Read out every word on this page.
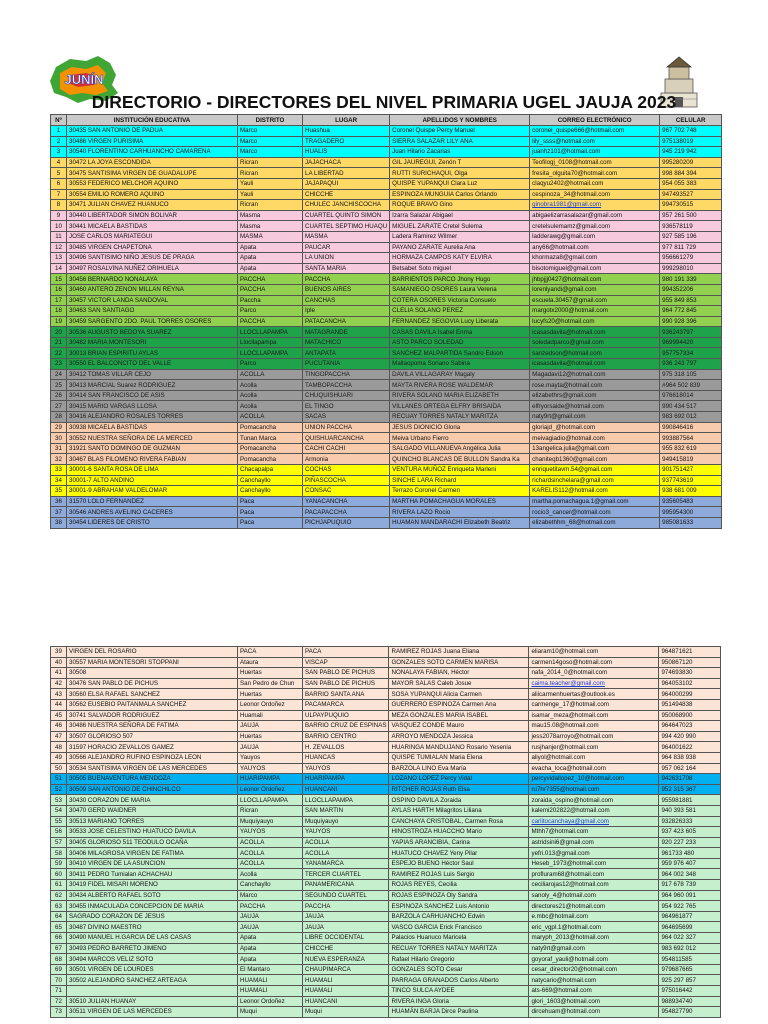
JUNÍN
DIRECTORIO - DIRECTORES DEL NIVEL PRIMARIA UGEL JAUJA 2023
Nº	INSTITUCIÓN EDUCATIVA	DISTRITO	LUGAR	APELLIDOS Y NOMBRES	CORREO ELECTRÓNICO	CELULAR
1	30435 SAN ANTONIO DE PADUA	Marco	Huashua	Coronel Quispe Percy Manuel	coronel_quispe666@hotmail.com	967 702 748
2	30486 VIRGEN PURISIMA	Marco	TRAGADERO	SIERRA SALAZAR LILY ANA	lily_ssss@hotmail.com	975138019
3	30540 FLORENTINO CARHUANCHO CAMARENA	Marco	HUALIS	Juan Hilario Zacarias	juanhz101@hotmail.com	945 219 942
4	30472 LA JOYA ESCONDIDA	Ricran	JAJACHACA	GIL JAUREGUI, Zenón T	Teofilogj_0108@hotmail.com	995280209
5	30475 SANTISIMA VIRGEN DE GUADALUPE	Ricran	LA LIBERTAD	RUTTI SURICHAQUI, Olga	fresita_olguita70@hotmail.com	998 884 394
6	30553 FEDERICO MELCHOR AQUINO	Yauli	JAJAPAQUI	QUISPE YUPANQUI Clara Luz	claqyu2402@hotmail.com	954 055 383
7	30554 EMILIO ROMERO AQUINO	Yauli	CHICCHE	ESPINOZA MUNGUIA Carlos Orlando	cespinoza_34@hotmail.com	947493527
8	30471 JULIAN CHAVEZ HUANUCO	Ricran	CHULEC JANCHISCOCHA	ROQUE BRAVO Gino	ginobra1981@gmail.com	994730515
9	30440 LIBERTADOR SIMON BOLIVAR	Masma	CUARTEL QUINTO SIMON	Izarra Salazar Abigael	abigaelizarrasalazar@gmail.com	957 261 500
10	30441 MICAELA BASTIDAS	Masma	CUARTEL SEPTIMO HUAQU	MIGUEL ZARATE Cretel Sulema	cretelsulemamz@gmail.com	936578119
11	JOSE CARLOS MARIATEGUI	MASMA	MASMA	Ladera Ramirez Wilmer	ladderawg@gmail.com	927 585 196
12	30485 VIRGEN CHAPETONA	Apata	PAUCAR	PAYANO ZARATE Aurelia Ana	any66@hotmail.com	977 811 729
13	30496 SANTISIMO NIÑO JESUS DE PRAGA	Apata	LA UNION	HORMAZA CAMPOS KATY ELVIRA	khormaza8@gmail.com	956661279
14	30497 ROSALVINA NUÑEZ ORIHUELA	Apata	SANTA MARIA	Betsabet Soto miguel	bisotomiguel@gmail.com	999298010
15	30456 BERNARDO NONALAYA	PACCHA	PACCHA	BARRIENTOS PARCO Jhony Hugo	jhbpjjj0427@hotmail.com	980 191 339
16	30460 ANTERO ZENON MILLAN REYNA	PACCHA	BUENOS AIRES	SAMANIEGO OSORES Laura Verena	lorenlyandi@gmail.com	994352206
17	30457 VICTOR LANDA SANDOVAL	Paccha	CANCHAS	COTERA OSORES Victoria Consuelo	escuela.30457@gmail.com	955 849 853
18	30463 SAN SANTIAGO	Parco	Iple	CLELIA SOLANO PEREZ	margotx2000@hotmail.com	964 772 845
19	30459 SARGENTO 2DO. PAUL TORRES OSORES	PACCHA	PATACANCHA	FERNANDEZ SEGOVIA Lucy Liberata	lucyfs20@hotmail.com	990 928 396
20	30536 AUGUSTO BEDOYA SUAREZ	LLOCLLAPAMPA	MATAGRANDE	CASAS DAVILA Isabel Enma	icasasdavila@hotmail.com	936243797
21	30482 MARIA MONTESORI	Llocllapampa	MATACHICO	ASTO PARCO SOLEDAD	soledadparco@gmail.com	969994420
22	30013 BRIAN ESPIRITU AYLAS	LLOCLLAPAMPA	ANTAPATA	SANCHEZ MALPARTIDA Sandro Edson	sanzedson@hotmail.com	957757334
23	30550 EL BALCONCITO DEL VALLE	Parco	PUCUTANIA	Mallaopoma Soriano Sabina	icasasdavila@hotmail.com	936 243 797
24	30412 TOMAS VILLAR CEJO	ACOLLA	TINGOPACCHA	DAVILA VILLAGARAY Magaly	Magadavi12@hotmail.com	975 318 105
25	30413 MARCIAL Suarez RODRIGUEZ	Acolla	TAMBOPACCHA	MAYTA RIVERA ROSE WALDEMAR	rose.mayta@hotmail.com	#964 502 839
26	30414 SAN FRANCISCO DE ASIS	Acolla	CHUQUISHUARI	RIVERA SOLANO MARIA ELIZABETH	elizabethrs@gmail.com	976618014
27	30415 MARIO VARGAS LLOSA	Acolla	EL TINGO	VILLANES ORTEGA ELFRY BRISAIDA	elfryorsaide@hotmail.com	990 434 517
28	30416 ALEJANDRO ROSALES TORRES	ACOLLA	SACAS	RECUAY TORRES NATALY MARITZA	naty9rt@gmail.com	983 692 012
29	30938 MICAELA BASTIDAS	Pomacancha	UNION PACCHA	JESUS DIONICIO Gloria	gloriajd_@hotmail.com	990846416
30	30552 NUESTRA SEÑORA DE LA MERCED	Tunan Marca	QUISHUARCANCHA	Meiva Urbano Fierro	meivagiadio@hotmail.com	993887564
31	31921 SANTO DOMINGO DE GUZMAN	Pomacancha	CACHI CACHI	SALGADO VILLANUEVA Angélica Julia	13angelica.julia@gmail.com	955 832 619
32	30467 BLAS FILOMENO RIVERA FABIAN	Pomacancha	Armonia	QUINCHO BLANCAS DE BULLON Sandra Ka	chaniteqb1360@gmail.com	949415819
33	30001-6 SANTA ROSA DE LIMA	Chacapalpa	COCHAS	VENTURA MUÑOZ Enriqueta Marleni	enriquetitavm.54@gmail.com	901751427
34	30001-7 ALTO ANDINO	Canchayllo	PIÑASCOCHA	SINCHE LARA Richard	richardsinchelara@gmail.com	937743619
35	30001-9 ABRAHAM VALDELOMAR	Canchayllo	CONSAC	Terrazo Coronel Carmen	KARELIS112@hotmail.com	938 681 009
36	31570 LOLO FERNANDEZ	Paca	YANACANCHA	MARTHA POMACHAGUA MORALES	martha.pomachagua.1@gmail.com	935605483
37	30546 ANDRES AVELINO CACERES	Paca	PACAPACCHA	RIVERA LAZO Rocio	rocio3_cancer@hotmail.com	995954300
38	30454 LIDERES DE CRISTO	Paca	PICHJAPUQUIO	HUAMAN MANDARACHI Elizabeth Beatriz	elizabethhm_68@hotmail.com	985081633
39	VIRGEN DEL ROSARIO	PACA	PACA	RAMIREZ ROJAS Juana Eliana	eliaram10@hotmail.com	964871621
40	30557 MARIA MONTESORI STOPPANI	Ataura	VISCAP	GONZALES SOTO CARMEN MARISA	carmen14goso@hotmail.com	950867120
41	30508	Huertas	SAN PABLO DE PICHUS	NONALAYA FABIAN, Héctor	nafa_2014_0@hotmail.com	974693830
42	30476 SAN PABLO DE PICHUS	San Pedro de Chun	SAN PABLO DE PICHUS	MAYOR SALAS Caleb Josue	caima.teacher@gmail.com	964053102
43	30560 ELSA RAFAEL SANCHEZ	Huertas	BARRIO SANTA ANA	SOSA YUPANQUI Alicia Carmen	aliicarmenhuertas@outlook.es	964000299
44	30562 EUSEBIO PAITANMALA SANCHEZ	Leonor Ordoñez	PACAMARCA	GUERRERO ESPINOZA Carmen Ana	carmenge_17@hotmail.com	951494838
45	30741 SALVADOR RODRIGUEZ	Huamali	ULPAYPUQUIO	MEZA GONZALES MARIA ISABEL	isamar_meza@hotmail.com	950068900
46	30486 NUESTRA SEÑORA DE FATIMA	JAUJA	BARRIO CRUZ DE ESPINAS	VASQUEZ CONDE Mauro	mau15.08@hotmail.com	964647023
47	30507 GLORIOSO 507	Huertas	BARRIO CENTRO	ARROYO MENDOZA Jessica	jess2078arroyo@hotmail.com	994 420 990
48	31597 HORACIO ZEVALLOS GAMEZ	JAUJA	H. ZEVALLOS	HUARINGA MANDUJANO Rosario Yesenia	rusjhanjer@hotmail.com	964001622
49	30566 ALEJANDRO RUFINO ESPINOZA LEON	Yauyos	HUANCAS	QUISPE TUMIALAN Maria Elena	aliyol@hotmail.com	964 838 938
50	30534 SANTISIMA VIRGEN DE LAS MERCEDES	YAUYOS	YAUYOS	BARZOLA LINO Eva María	evacha_loca@hotmail.com	957 062 164
51	30505 BUENAVENTURA MENDOZA	HUARIPAMPA	HUARIPAMPA	LOZANO LOPEZ Percy Vidal	percyvidallopez_10@hotmail.com	942631708
52	30509 SAN ANTONIO DE CHINCHILCO	Leonor Ordoñez	HUANCANI	RITCHER ROJAS Ruth Elsa	ru7hr7355@hotmail.com	952 315 367
53	30430 CORAZON DE MARIA	LLOCLLAPAMPA	LLOCLLAPAMPA	OSPINO DAVILA Zoraida	zoraida_ospino@hotmail.com	955981881
54	30470 GERD WAIDNER	Ricran	SAN MARTIN	AYLAS HARTH Milagritos Liliana	kalemi202822@hotmail.com	940 393 581
55	30513 MARIANO TORRES	Muquiyauyo	Muquiyauyo	CANCHAYA CRISTOBAL, Carmen Rosa	carlitocanchaya@gmail.com	932826333
56	30533 JOSE CELESTINO HUATUCO DAVILA	YAUYOS	YAUYOS	HINOSTROZA HUACCHO Mario	Mthh7@hotmail.com	937 423 605
57	30405 GLORIOSO 511 TEODULO OCAÑA	ACOLLA	ACOLLA	YAPIAS ARANCIBIA, Carina	astridsini6@gmail.com	920 227 233
58	30406 MILAGROSA VIRGEN DE FATIMA	ACOLLA	ACOLLA	HUATUCO CHAVEZ Yeny Pilar	yefri.013@gmail.com	961733 480
59	30410 VIRGEN DE LA ASUNCION	ACOLLA	YANAMARCA	ESPEJO BUENO Héctor Saul	Heseb_1973@hotmail.com	959 976 407
60	30411 PEDRO Tumialan ACHACHAU	Acolla	TERCER CUARTEL	RAMIREZ ROJAS Luis Sergio	profluram68@hotmail.com	964 002 348
61	30419 FIDEL MISARI MORENO	Canchayllo	PANAMERICANA	ROJAS REYES, Cecilia	ceciliarojas12@hotmail.com	917 678 739
62	30434 ALBERTO RAFAEL SOTO	Marco	SEGUNDO CUARTEL	ROJAS ESPINOZA Oly Sandra	sanoly_4@hotmail.com	964 960 091
63	30455 INMACULADA CONCEPCION DE MARIA	PACCHA	PACCHA	ESPINOZA SANCHEZ Luis Antonio	directores21@hotmail.com	954 922 765
64	SAGRADO CORAZON DE JESUS	JAUJA	JAUJA	BARZOLA CARHUANCHO Edwin	e.mbc@hotmail.com	964961877
65	30487 DIVINO MAESTRO	JAUJA	JAUJA	VASCO GARCIA Erick Francisco	eric_vgpl.1@hotmail.com	964695699
66	30490 MANUEL H.GARCIA DE LAS CASAS	Apata	LIBRE OCCIDENTAL	Palacios Huanuco Maricela	maryph_2013@hotmail.com	964 022 327
67	30493 PEDRO BARRETO JIMENO	Apata	CHICCHE	RECUAY TORRES NATALY MARITZA	naty9rt@gmail.com	983 692 012
68	30494 MARCOS VELIZ SOTO	Apata	NUEVA ESPERANZA	Rafael Hilario Gregorio	goyoraf_yauli@hotmail.com	954811585
69	30501 VIRGEN DE LOURDES	El Mantaro	CHAUPIMARCA	GONZALES SOTO Cesar	cesar_director20@hotmail.com	979687665
70	30502 ALEJANDRO SANCHEZ ARTEAGA	HUAMALI	HUAMALI	PARRAGA GRANADOS Carlos Alberto	natycario@hotmail.com	925 297 857
71		HUAMALI	HUAMALI	TINCO SULCA AYDEE	ats-669@hotmail.com	975016442
72	30510 JULIAN HUANAY	Leonor Ordoñez	HUANCANI	RIVERA INGA Gloria	glori_1603@hotmail.com	988934740
73	30511 VIRGEN DE LAS MERCEDES	Muqui	Muqui	HUAMÁN BARJA Dirce Paulina	dircehuam@hotmail.com	954827790
